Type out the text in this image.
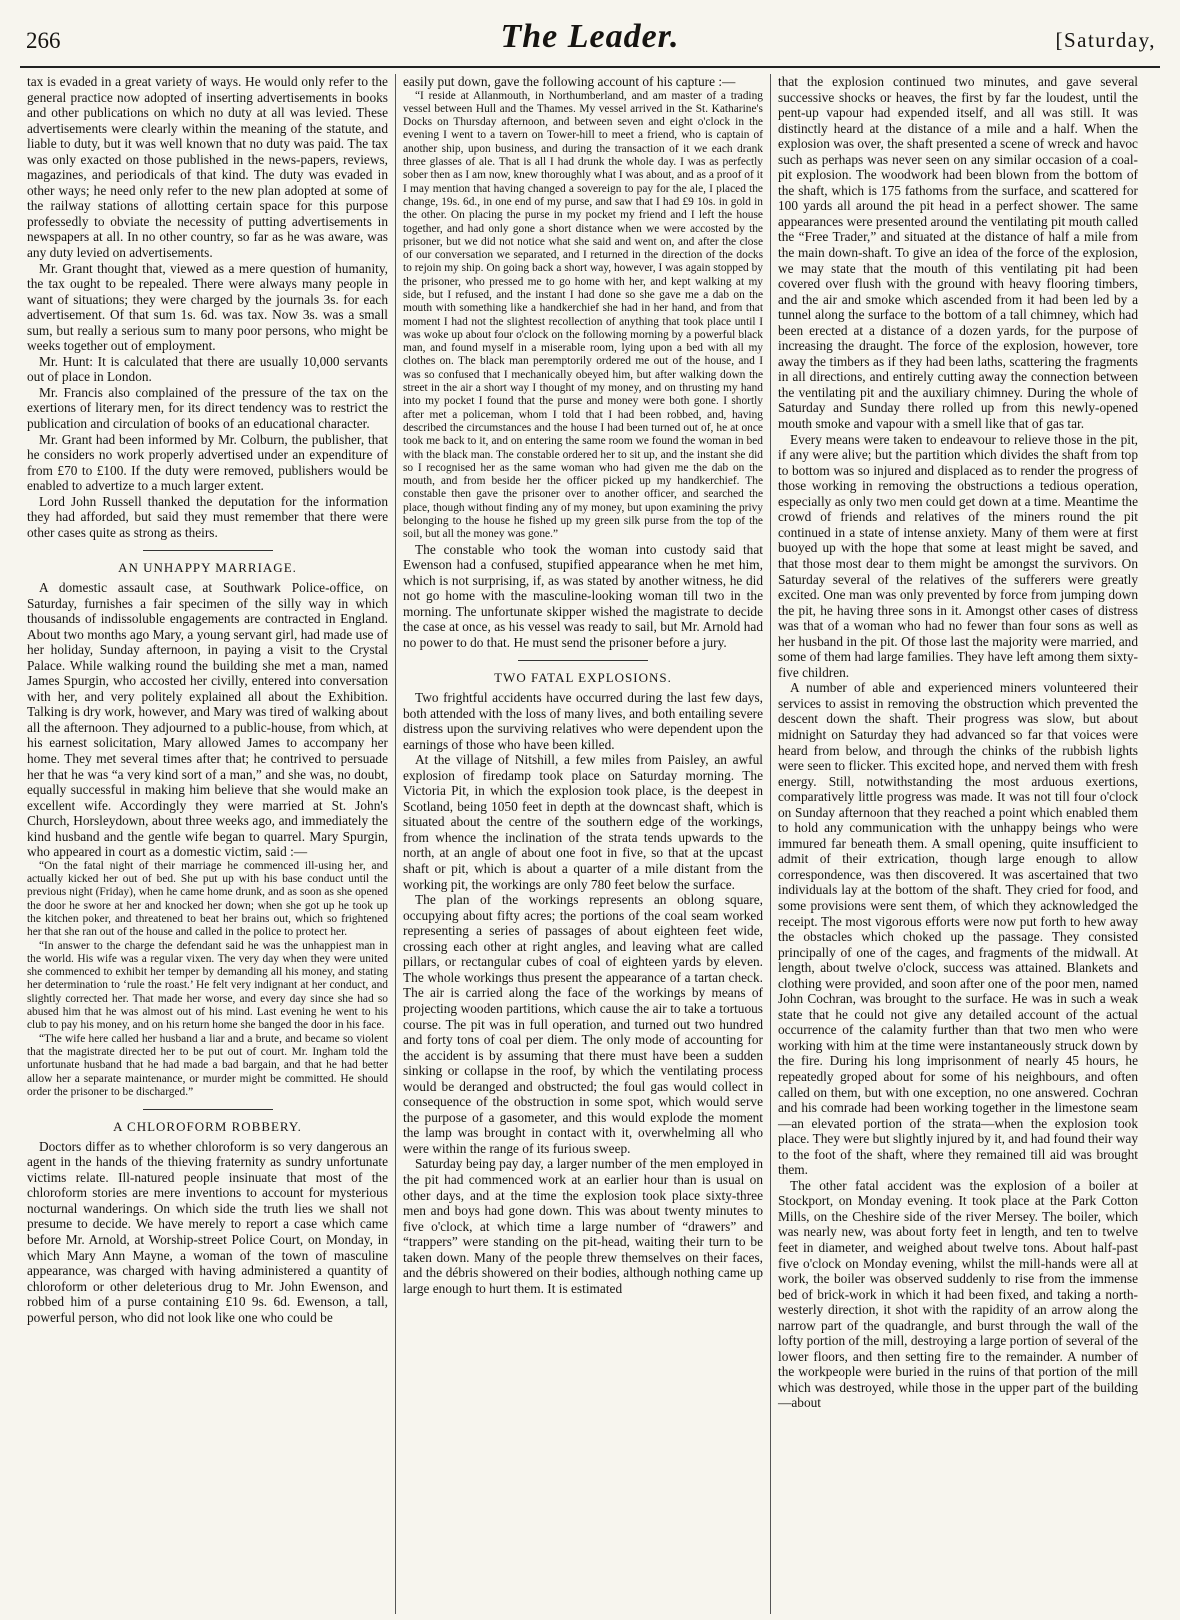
266	The Leader.	[Saturday,

tax is evaded in a great variety of ways. He would only refer to the general practice now adopted of inserting advertisements in books and other publications on which no duty at all was levied. These advertisements were clearly within the meaning of the statute, and liable to duty, but it was well known that no duty was paid. The tax was only exacted on those published in the news-papers, reviews, magazines, and periodicals of that kind. The duty was evaded in other ways; he need only refer to the new plan adopted at some of the railway stations of allotting certain space for this purpose professedly to obviate the necessity of putting advertisements in newspapers at all. In no other country, so far as he was aware, was any duty levied on advertisements.

Mr. Grant thought that, viewed as a mere question of humanity, the tax ought to be repealed. There were always many people in want of situations; they were charged by the journals 3s. for each advertisement. Of that sum 1s. 6d. was tax. Now 3s. was a small sum, but really a serious sum to many poor persons, who might be weeks together out of employment.

Mr. Hunt: It is calculated that there are usually 10,000 servants out of place in London.

Mr. Francis also complained of the pressure of the tax on the exertions of literary men, for its direct tendency was to restrict the publication and circulation of books of an educational character.

Mr. Grant had been informed by Mr. Colburn, the publisher, that he considers no work properly advertised under an expenditure of from £70 to £100. If the duty were removed, publishers would be enabled to advertize to a much larger extent.

Lord John Russell thanked the deputation for the information they had afforded, but said they must remember that there were other cases quite as strong as theirs.

AN UNHAPPY MARRIAGE.

A domestic assault case, at Southwark Police-office, on Saturday, furnishes a fair specimen of the silly way in which thousands of indissoluble engagements are contracted in England. About two months ago Mary, a young servant girl, had made use of her holiday, Sunday afternoon, in paying a visit to the Crystal Palace. While walking round the building she met a man, named James Spurgin, who accosted her civilly, entered into conversation with her, and very politely explained all about the Exhibition. Talking is dry work, however, and Mary was tired of walking about all the afternoon. They adjourned to a public-house, from which, at his earnest solicitation, Mary allowed James to accompany her home. They met several times after that; he contrived to persuade her that he was “a very kind sort of a man,” and she was, no doubt, equally successful in making him believe that she would make an excellent wife. Accordingly they were married at St. John's Church, Horsleydown, about three weeks ago, and immediately the kind husband and the gentle wife began to quarrel. Mary Spurgin, who appeared in court as a domestic victim, said :—

“On the fatal night of their marriage he commenced ill-using her, and actually kicked her out of bed. She put up with his base conduct until the previous night (Friday), when he came home drunk, and as soon as she opened the door he swore at her and knocked her down; when she got up he took up the kitchen poker, and threatened to beat her brains out, which so frightened her that she ran out of the house and called in the police to protect her.

“In answer to the charge the defendant said he was the unhappiest man in the world. His wife was a regular vixen. The very day when they were united she commenced to exhibit her temper by demanding all his money, and stating her determination to ‘rule the roast.’ He felt very indignant at her conduct, and slightly corrected her. That made her worse, and every day since she had so abused him that he was almost out of his mind. Last evening he went to his club to pay his money, and on his return home she banged the door in his face.

“The wife here called her husband a liar and a brute, and became so violent that the magistrate directed her to be put out of court. Mr. Ingham told the unfortunate husband that he had made a bad bargain, and that he had better allow her a separate maintenance, or murder might be committed. He should order the prisoner to be discharged.”

A CHLOROFORM ROBBERY.

Doctors differ as to whether chloroform is so very dangerous an agent in the hands of the thieving fraternity as sundry unfortunate victims relate. Ill-natured people insinuate that most of the chloroform stories are mere inventions to account for mysterious nocturnal wanderings. On which side the truth lies we shall not presume to decide. We have merely to report a case which came before Mr. Arnold, at Worship-street Police Court, on Monday, in which Mary Ann Mayne, a woman of the town of masculine appearance, was charged with having administered a quantity of chloroform or other deleterious drug to Mr. John Ewenson, and robbed him of a purse containing £10 9s. 6d. Ewenson, a tall, powerful person, who did not look like one who could be

easily put down, gave the following account of his capture :—

“I reside at Allanmouth, in Northumberland, and am master of a trading vessel between Hull and the Thames. My vessel arrived in the St. Katharine's Docks on Thursday afternoon, and between seven and eight o'clock in the evening I went to a tavern on Tower-hill to meet a friend, who is captain of another ship, upon business, and during the transaction of it we each drank three glasses of ale. That is all I had drunk the whole day. I was as perfectly sober then as I am now, knew thoroughly what I was about, and as a proof of it I may mention that having changed a sovereign to pay for the ale, I placed the change, 19s. 6d., in one end of my purse, and saw that I had £9 10s. in gold in the other. On placing the purse in my pocket my friend and I left the house together, and had only gone a short distance when we were accosted by the prisoner, but we did not notice what she said and went on, and after the close of our conversation we separated, and I returned in the direction of the docks to rejoin my ship. On going back a short way, however, I was again stopped by the prisoner, who pressed me to go home with her, and kept walking at my side, but I refused, and the instant I had done so she gave me a dab on the mouth with something like a handkerchief she had in her hand, and from that moment I had not the slightest recollection of anything that took place until I was woke up about four o'clock on the following morning by a powerful black man, and found myself in a miserable room, lying upon a bed with all my clothes on. The black man peremptorily ordered me out of the house, and I was so confused that I mechanically obeyed him, but after walking down the street in the air a short way I thought of my money, and on thrusting my hand into my pocket I found that the purse and money were both gone. I shortly after met a policeman, whom I told that I had been robbed, and, having described the circumstances and the house I had been turned out of, he at once took me back to it, and on entering the same room we found the woman in bed with the black man. The constable ordered her to sit up, and the instant she did so I recognised her as the same woman who had given me the dab on the mouth, and from beside her the officer picked up my handkerchief. The constable then gave the prisoner over to another officer, and searched the place, though without finding any of my money, but upon examining the privy belonging to the house he fished up my green silk purse from the top of the soil, but all the money was gone.”

The constable who took the woman into custody said that Ewenson had a confused, stupified appearance when he met him, which is not surprising, if, as was stated by another witness, he did not go home with the masculine-looking woman till two in the morning. The unfortunate skipper wished the magistrate to decide the case at once, as his vessel was ready to sail, but Mr. Arnold had no power to do that. He must send the prisoner before a jury.

TWO FATAL EXPLOSIONS.

Two frightful accidents have occurred during the last few days, both attended with the loss of many lives, and both entailing severe distress upon the surviving relatives who were dependent upon the earnings of those who have been killed.

At the village of Nitshill, a few miles from Paisley, an awful explosion of firedamp took place on Saturday morning. The Victoria Pit, in which the explosion took place, is the deepest in Scotland, being 1050 feet in depth at the downcast shaft, which is situated about the centre of the southern edge of the workings, from whence the inclination of the strata tends upwards to the north, at an angle of about one foot in five, so that at the upcast shaft or pit, which is about a quarter of a mile distant from the working pit, the workings are only 780 feet below the surface.

The plan of the workings represents an oblong square, occupying about fifty acres; the portions of the coal seam worked representing a series of passages of about eighteen feet wide, crossing each other at right angles, and leaving what are called pillars, or rectangular cubes of coal of eighteen yards by eleven. The whole workings thus present the appearance of a tartan check. The air is carried along the face of the workings by means of projecting wooden partitions, which cause the air to take a tortuous course. The pit was in full operation, and turned out two hundred and forty tons of coal per diem. The only mode of accounting for the accident is by assuming that there must have been a sudden sinking or collapse in the roof, by which the ventilating process would be deranged and obstructed; the foul gas would collect in consequence of the obstruction in some spot, which would serve the purpose of a gasometer, and this would explode the moment the lamp was brought in contact with it, overwhelming all who were within the range of its furious sweep.

Saturday being pay day, a larger number of the men employed in the pit had commenced work at an earlier hour than is usual on other days, and at the time the explosion took place sixty-three men and boys had gone down. This was about twenty minutes to five o'clock, at which time a large number of “drawers” and “trappers” were standing on the pit-head, waiting their turn to be taken down. Many of the people threw themselves on their faces, and the débris showered on their bodies, although nothing came up large enough to hurt them. It is estimated

that the explosion continued two minutes, and gave several successive shocks or heaves, the first by far the loudest, until the pent-up vapour had expended itself, and all was still. It was distinctly heard at the distance of a mile and a half. When the explosion was over, the shaft presented a scene of wreck and havoc such as perhaps was never seen on any similar occasion of a coal-pit explosion. The woodwork had been blown from the bottom of the shaft, which is 175 fathoms from the surface, and scattered for 100 yards all around the pit head in a perfect shower. The same appearances were presented around the ventilating pit mouth called the “Free Trader,” and situated at the distance of half a mile from the main down-shaft. To give an idea of the force of the explosion, we may state that the mouth of this ventilating pit had been covered over flush with the ground with heavy flooring timbers, and the air and smoke which ascended from it had been led by a tunnel along the surface to the bottom of a tall chimney, which had been erected at a distance of a dozen yards, for the purpose of increasing the draught. The force of the explosion, however, tore away the timbers as if they had been laths, scattering the fragments in all directions, and entirely cutting away the connection between the ventilating pit and the auxiliary chimney. During the whole of Saturday and Sunday there rolled up from this newly-opened mouth smoke and vapour with a smell like that of gas tar.

Every means were taken to endeavour to relieve those in the pit, if any were alive; but the partition which divides the shaft from top to bottom was so injured and displaced as to render the progress of those working in removing the obstructions a tedious operation, especially as only two men could get down at a time. Meantime the crowd of friends and relatives of the miners round the pit continued in a state of intense anxiety. Many of them were at first buoyed up with the hope that some at least might be saved, and that those most dear to them might be amongst the survivors. On Saturday several of the relatives of the sufferers were greatly excited. One man was only prevented by force from jumping down the pit, he having three sons in it. Amongst other cases of distress was that of a woman who had no fewer than four sons as well as her husband in the pit. Of those last the majority were married, and some of them had large families. They have left among them sixty-five children.

A number of able and experienced miners volunteered their services to assist in removing the obstruction which prevented the descent down the shaft. Their progress was slow, but about midnight on Saturday they had advanced so far that voices were heard from below, and through the chinks of the rubbish lights were seen to flicker. This excited hope, and nerved them with fresh energy. Still, notwithstanding the most arduous exertions, comparatively little progress was made. It was not till four o'clock on Sunday afternoon that they reached a point which enabled them to hold any communication with the unhappy beings who were immured far beneath them. A small opening, quite insufficient to admit of their extrication, though large enough to allow correspondence, was then discovered. It was ascertained that two individuals lay at the bottom of the shaft. They cried for food, and some provisions were sent them, of which they acknowledged the receipt. The most vigorous efforts were now put forth to hew away the obstacles which choked up the passage. They consisted principally of one of the cages, and fragments of the midwall. At length, about twelve o'clock, success was attained. Blankets and clothing were provided, and soon after one of the poor men, named John Cochran, was brought to the surface. He was in such a weak state that he could not give any detailed account of the actual occurrence of the calamity further than that two men who were working with him at the time were instantaneously struck down by the fire. During his long imprisonment of nearly 45 hours, he repeatedly groped about for some of his neighbours, and often called on them, but with one exception, no one answered. Cochran and his comrade had been working together in the limestone seam—an elevated portion of the strata—when the explosion took place. They were but slightly injured by it, and had found their way to the foot of the shaft, where they remained till aid was brought them.

The other fatal accident was the explosion of a boiler at Stockport, on Monday evening. It took place at the Park Cotton Mills, on the Cheshire side of the river Mersey. The boiler, which was nearly new, was about forty feet in length, and ten to twelve feet in diameter, and weighed about twelve tons. About half-past five o'clock on Monday evening, whilst the mill-hands were all at work, the boiler was observed suddenly to rise from the immense bed of brick-work in which it had been fixed, and taking a north-westerly direction, it shot with the rapidity of an arrow along the narrow part of the quadrangle, and burst through the wall of the lofty portion of the mill, destroying a large portion of several of the lower floors, and then setting fire to the remainder. A number of the workpeople were buried in the ruins of that portion of the mill which was destroyed, while those in the upper part of the building—about
